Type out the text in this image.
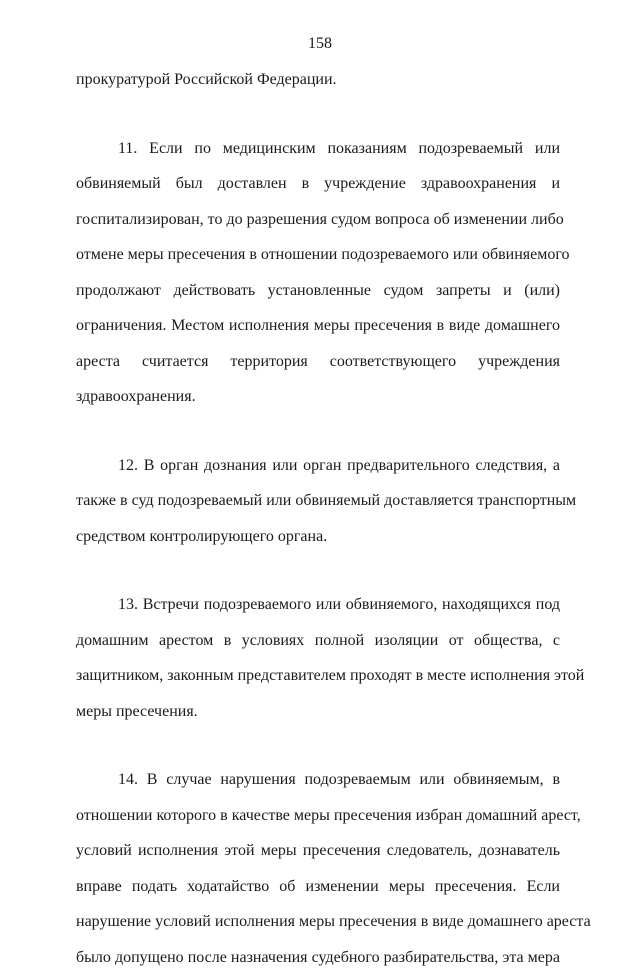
158
прокуратурой Российской Федерации.
11. Если по медицинским показаниям подозреваемый или
обвиняемый был доставлен в учреждение здравоохранения и
госпитализирован, то до разрешения судом вопроса об изменении либо
отмене меры пресечения в отношении подозреваемого или обвиняемого
продолжают действовать установленные судом запреты и (или)
ограничения. Местом исполнения меры пресечения в виде домашнего
ареста считается территория соответствующего учреждения
здравоохранения.
12. В орган дознания или орган предварительного следствия, а
также в суд подозреваемый или обвиняемый доставляется транспортным
средством контролирующего органа.
13. Встречи подозреваемого или обвиняемого, находящихся под
домашним арестом в условиях полной изоляции от общества, с
защитником, законным представителем проходят в месте исполнения этой
меры пресечения.
14. В случае нарушения подозреваемым или обвиняемым, в
отношении которого в качестве меры пресечения избран домашний арест,
условий исполнения этой меры пресечения следователь, дознаватель
вправе подать ходатайство об изменении меры пресечения. Если
нарушение условий исполнения меры пресечения в виде домашнего ареста
было допущено после назначения судебного разбирательства, эта мера
